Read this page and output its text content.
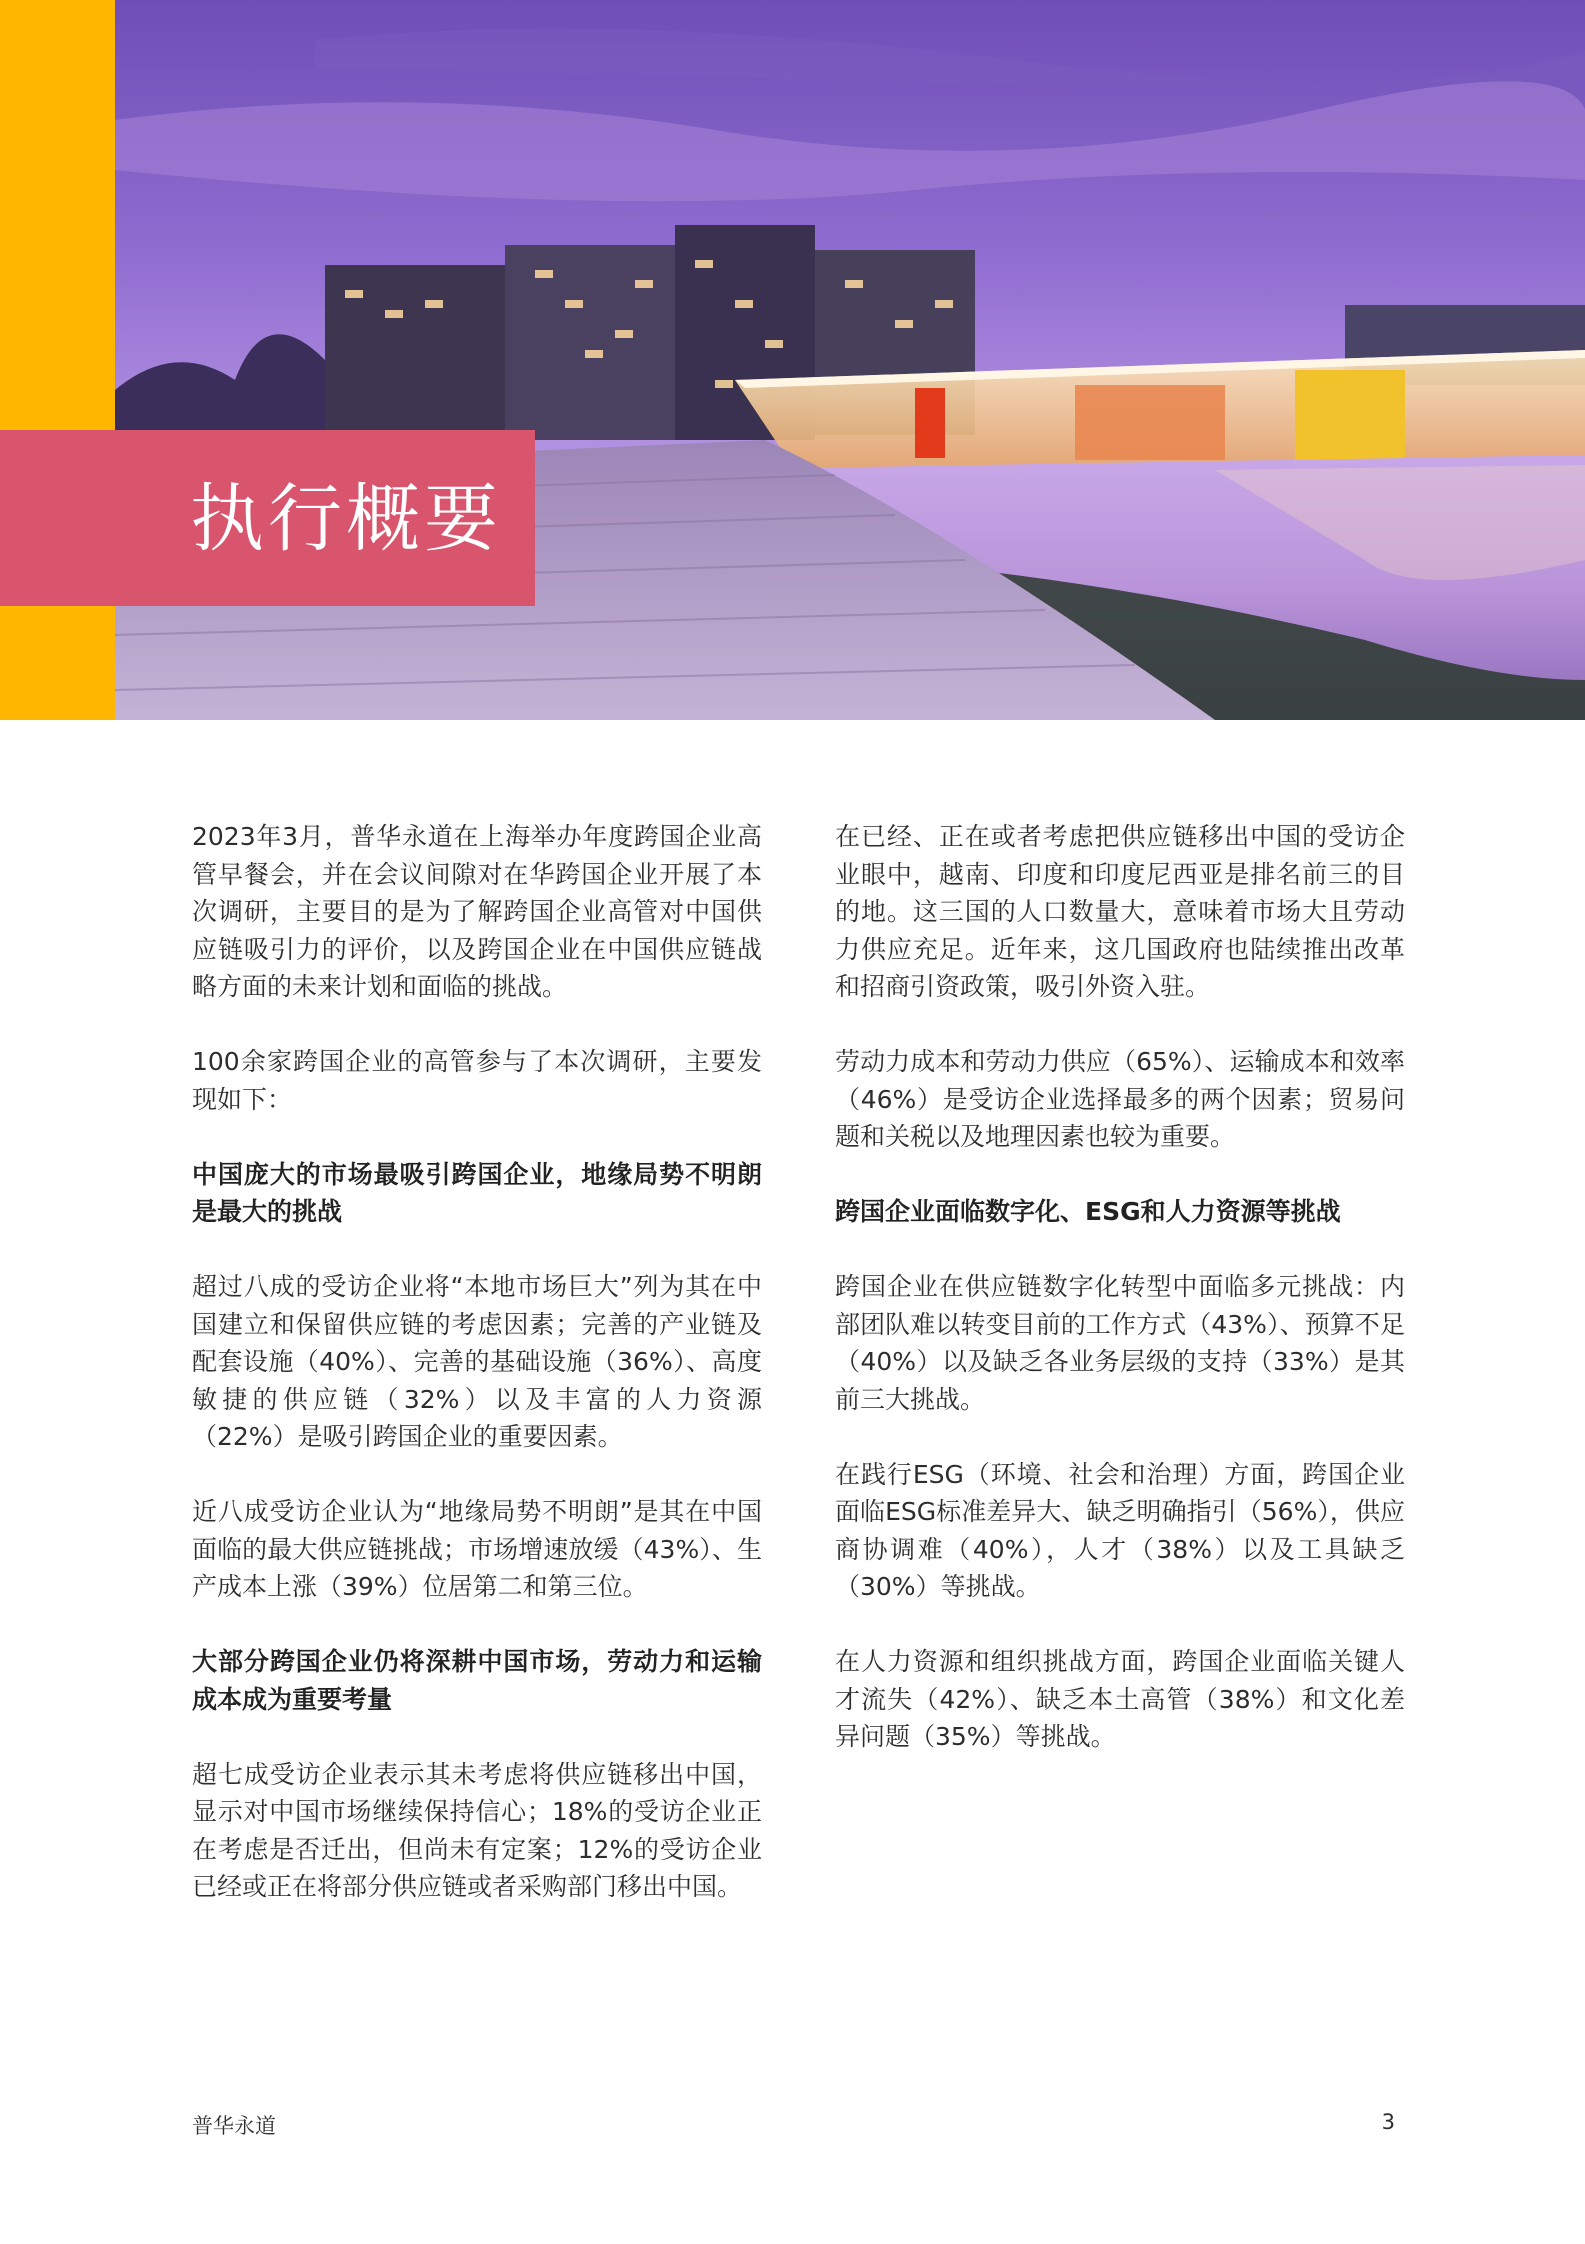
执行概要

2023年3月，普华永道在上海举办年度跨国企业高管早餐会，并在会议间隙对在华跨国企业开展了本次调研，主要目的是为了解跨国企业高管对中国供应链吸引力的评价，以及跨国企业在中国供应链战略方面的未来计划和面临的挑战。

100余家跨国企业的高管参与了本次调研，主要发现如下：

中国庞大的市场最吸引跨国企业，地缘局势不明朗是最大的挑战

超过八成的受访企业将“本地市场巨大”列为其在中国建立和保留供应链的考虑因素；完善的产业链及配套设施（40%）、完善的基础设施（36%）、高度敏捷的供应链（32%）以及丰富的人力资源（22%）是吸引跨国企业的重要因素。

近八成受访企业认为“地缘局势不明朗”是其在中国面临的最大供应链挑战；市场增速放缓（43%）、生产成本上涨（39%）位居第二和第三位。

大部分跨国企业仍将深耕中国市场，劳动力和运输成本成为重要考量

超七成受访企业表示其未考虑将供应链移出中国，显示对中国市场继续保持信心；18%的受访企业正在考虑是否迁出，但尚未有定案；12%的受访企业已经或正在将部分供应链或者采购部门移出中国。

在已经、正在或者考虑把供应链移出中国的受访企业眼中，越南、印度和印度尼西亚是排名前三的目的地。这三国的人口数量大，意味着市场大且劳动力供应充足。近年来，这几国政府也陆续推出改革和招商引资政策，吸引外资入驻。

劳动力成本和劳动力供应（65%）、运输成本和效率（46%）是受访企业选择最多的两个因素；贸易问题和关税以及地理因素也较为重要。

跨国企业面临数字化、ESG和人力资源等挑战

跨国企业在供应链数字化转型中面临多元挑战：内部团队难以转变目前的工作方式（43%）、预算不足（40%）以及缺乏各业务层级的支持（33%）是其前三大挑战。

在践行ESG（环境、社会和治理）方面，跨国企业面临ESG标准差异大、缺乏明确指引（56%），供应商协调难（40%），人才（38%）以及工具缺乏（30%）等挑战。

在人力资源和组织挑战方面，跨国企业面临关键人才流失（42%）、缺乏本土高管（38%）和文化差异问题（35%）等挑战。

普华永道	3
